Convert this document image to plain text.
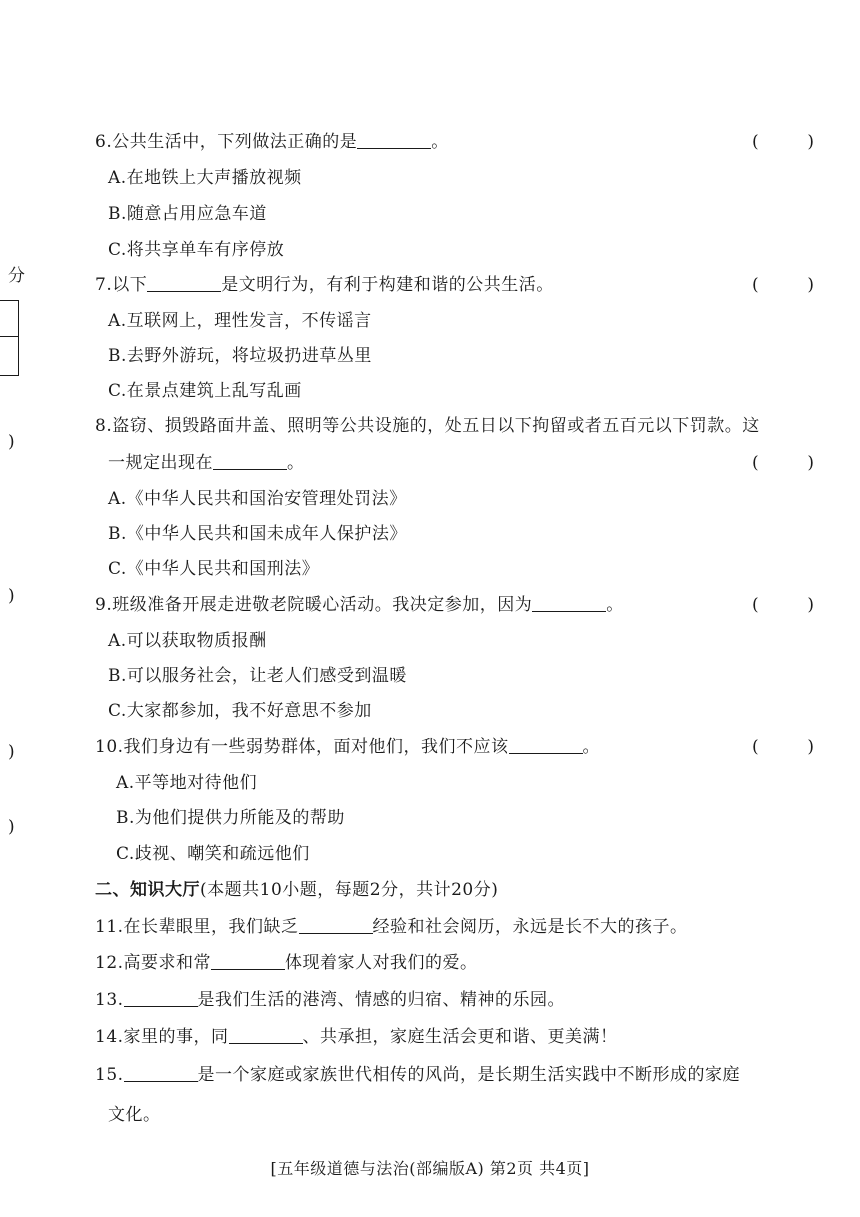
分
)
)
)
)
6.公共生活中，下列做法正确的是	。	(	)
A.在地铁上大声播放视频
B.随意占用应急车道
C.将共享单车有序停放
7.以下	是文明行为，有利于构建和谐的公共生活。	(	)
A.互联网上，理性发言，不传谣言
B.去野外游玩，将垃圾扔进草丛里
C.在景点建筑上乱写乱画
8.盗窃、损毁路面井盖、照明等公共设施的，处五日以下拘留或者五百元以下罚款。这
一规定出现在	。	(	)
A.《中华人民共和国治安管理处罚法》
B.《中华人民共和国未成年人保护法》
C.《中华人民共和国刑法》
9.班级准备开展走进敬老院暖心活动。我决定参加，因为	。	(	)
A.可以获取物质报酬
B.可以服务社会，让老人们感受到温暖
C.大家都参加，我不好意思不参加
10.我们身边有一些弱势群体，面对他们，我们不应该	。	(	)
A.平等地对待他们
B.为他们提供力所能及的帮助
C.歧视、嘲笑和疏远他们
二、知识大厅(本题共10小题，每题2分，共计20分)
11.在长辈眼里，我们缺乏	经验和社会阅历，永远是长不大的孩子。
12.高要求和常	体现着家人对我们的爱。
13.	是我们生活的港湾、情感的归宿、精神的乐园。
14.家里的事，同	、共承担，家庭生活会更和谐、更美满！
15.	是一个家庭或家族世代相传的风尚，是长期生活实践中不断形成的家庭
文化。
[五年级道德与法治(部编版A) 第2页 共4页]
